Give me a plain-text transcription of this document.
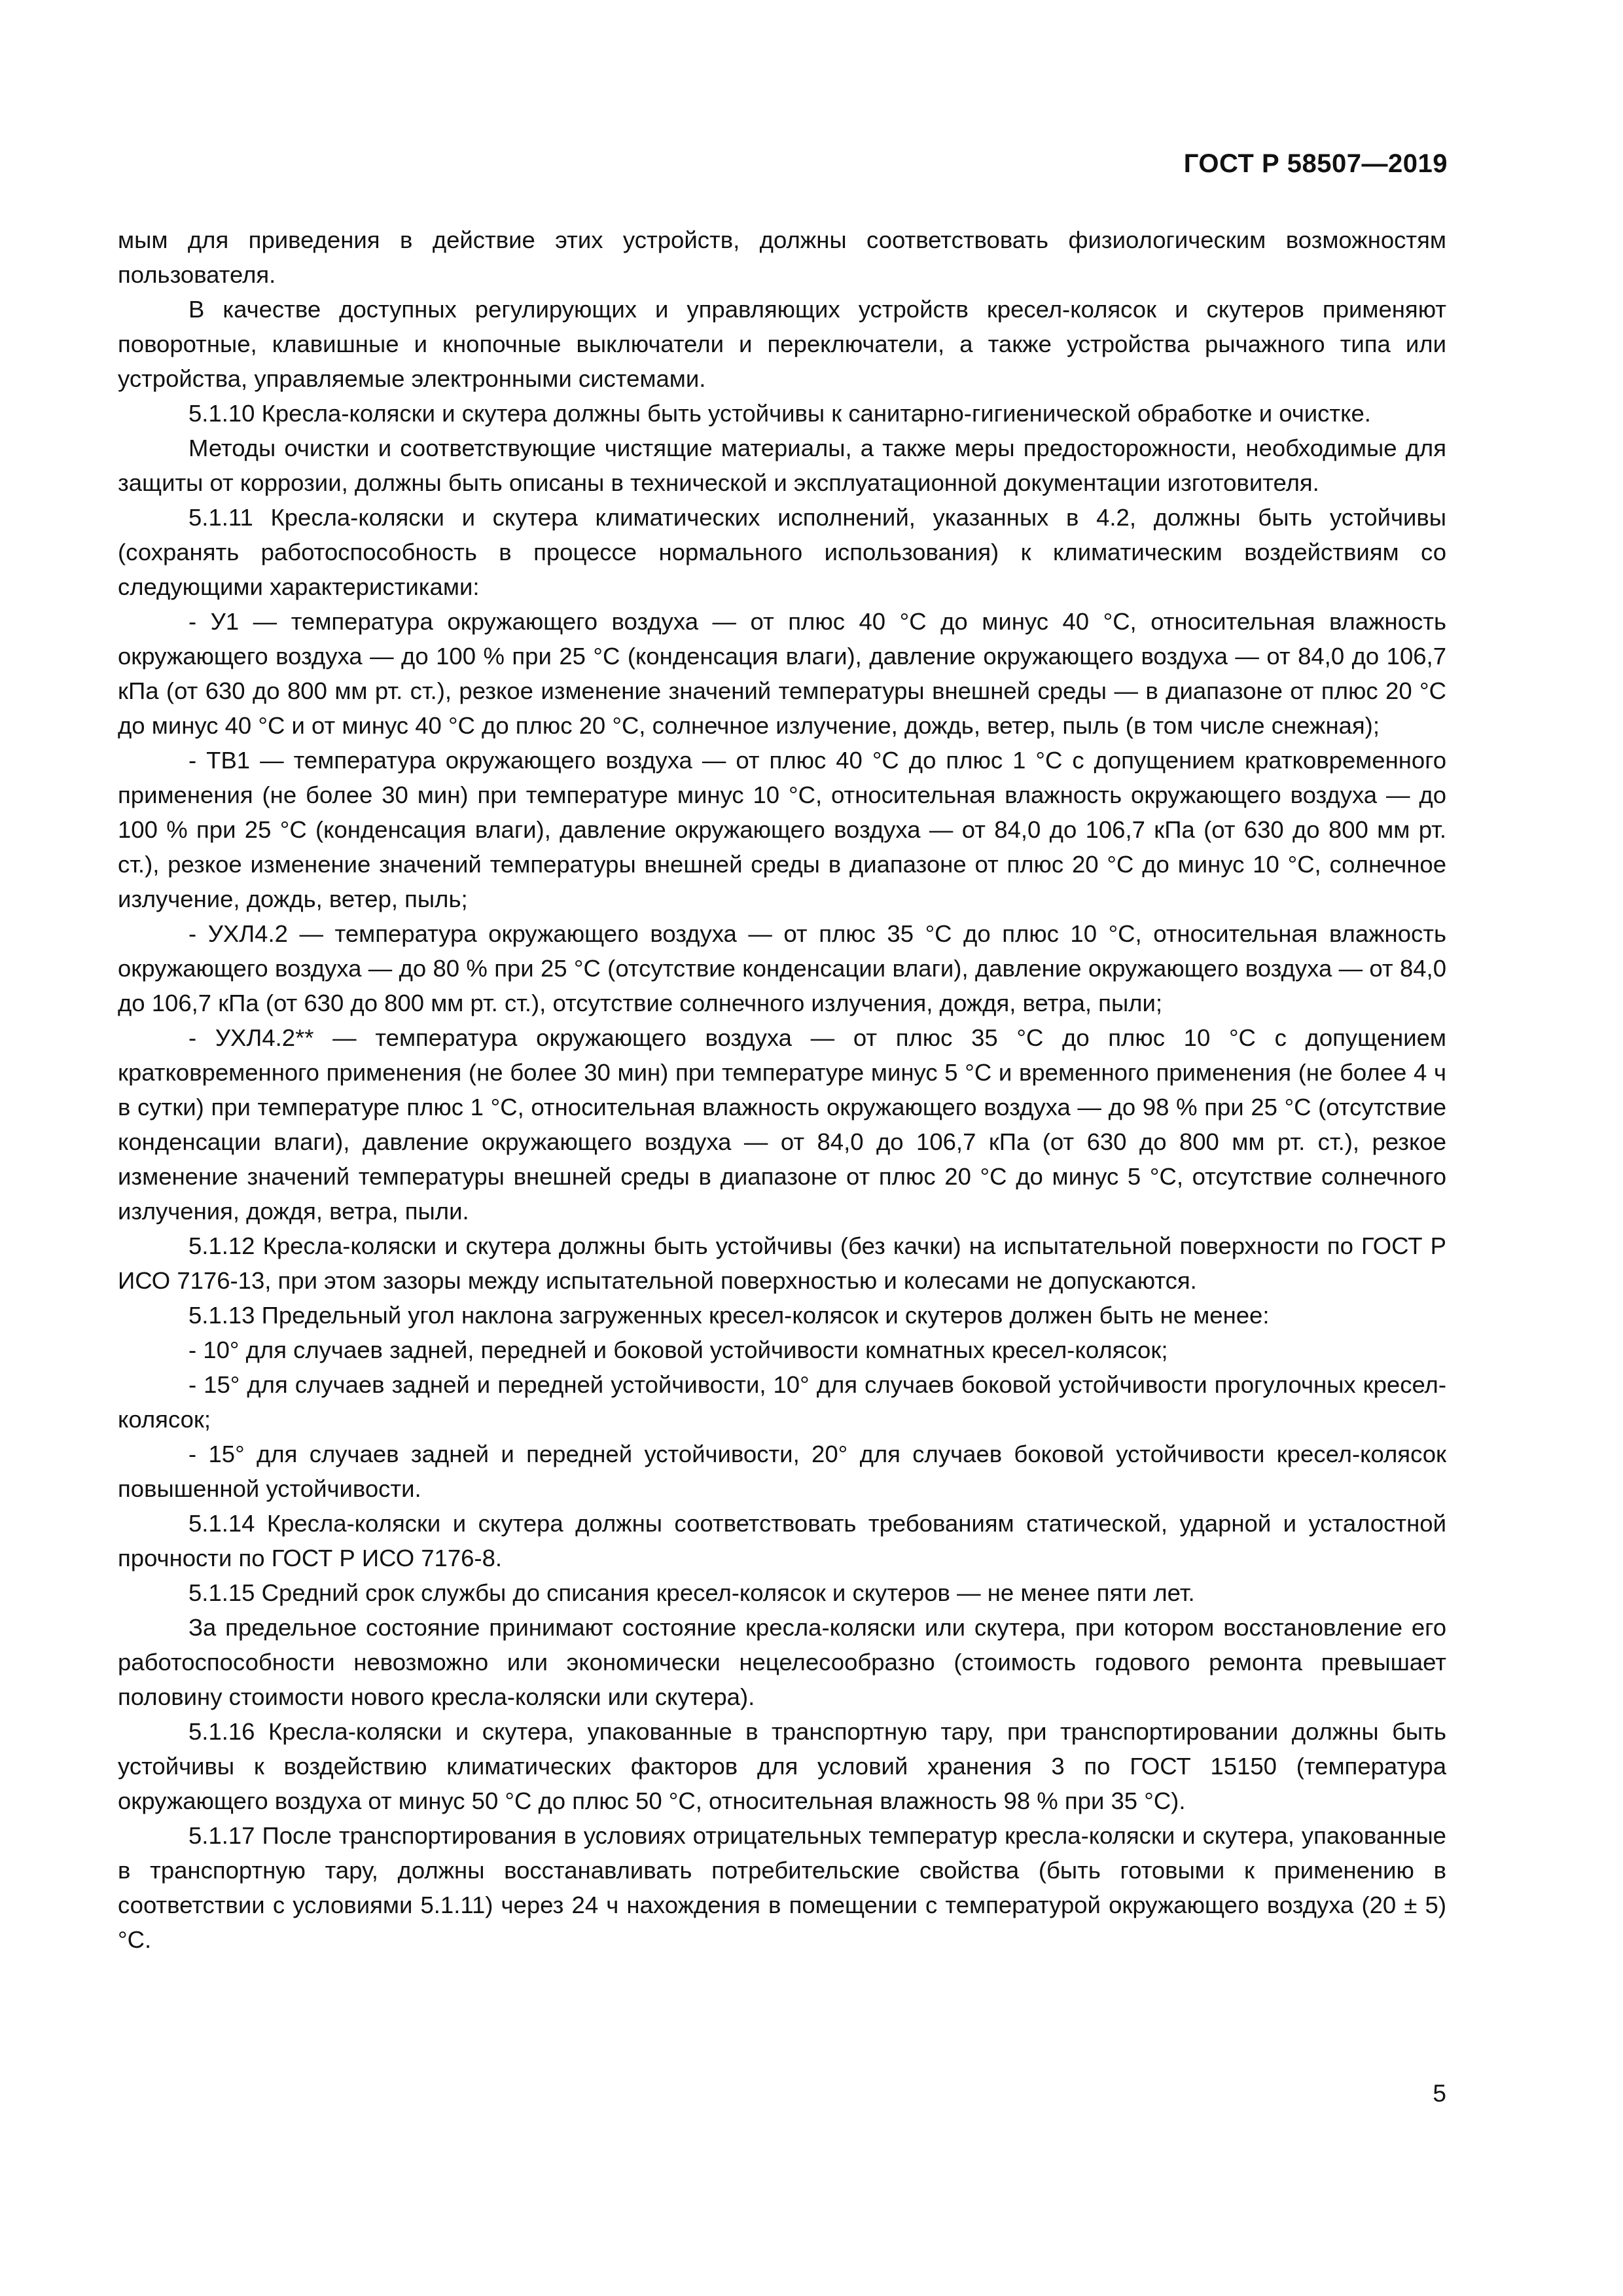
ГОСТ Р 58507—2019

мым для приведения в действие этих устройств, должны соответствовать физиологическим возможностям пользователя.

В качестве доступных регулирующих и управляющих устройств кресел-колясок и скутеров применяют поворотные, клавишные и кнопочные выключатели и переключатели, а также устройства рычажного типа или устройства, управляемые электронными системами.

5.1.10 Кресла-коляски и скутера должны быть устойчивы к санитарно-гигиенической обработке и очистке.

Методы очистки и соответствующие чистящие материалы, а также меры предосторожности, необходимые для защиты от коррозии, должны быть описаны в технической и эксплуатационной документации изготовителя.

5.1.11 Кресла-коляски и скутера климатических исполнений, указанных в 4.2, должны быть устойчивы (сохранять работоспособность в процессе нормального использования) к климатическим воздействиям со следующими характеристиками:

- У1 — температура окружающего воздуха — от плюс 40 °С до минус 40 °С, относительная влажность окружающего воздуха — до 100 % при 25 °С (конденсация влаги), давление окружающего воздуха — от 84,0 до 106,7 кПа (от 630 до 800 мм рт. ст.), резкое изменение значений температуры внешней среды — в диапазоне от плюс 20 °С до минус 40 °С и от минус 40 °С до плюс 20 °С, солнечное излучение, дождь, ветер, пыль (в том числе снежная);

- ТВ1 — температура окружающего воздуха — от плюс 40 °С до плюс 1 °С с допущением кратковременного применения (не более 30 мин) при температуре минус 10 °С, относительная влажность окружающего воздуха — до 100 % при 25 °С (конденсация влаги), давление окружающего воздуха — от 84,0 до 106,7 кПа (от 630 до 800 мм рт. ст.), резкое изменение значений температуры внешней среды в диапазоне от плюс 20 °С до минус 10 °С, солнечное излучение, дождь, ветер, пыль;

- УХЛ4.2 — температура окружающего воздуха — от плюс 35 °С до плюс 10 °С, относительная влажность окружающего воздуха — до 80 % при 25 °С (отсутствие конденсации влаги), давление окружающего воздуха — от 84,0 до 106,7 кПа (от 630 до 800 мм рт. ст.), отсутствие солнечного излучения, дождя, ветра, пыли;

- УХЛ4.2** — температура окружающего воздуха — от плюс 35 °С до плюс 10 °С с допущением кратковременного применения (не более 30 мин) при температуре минус 5 °С и временного применения (не более 4 ч в сутки) при температуре плюс 1 °С, относительная влажность окружающего воздуха — до 98 % при 25 °С (отсутствие конденсации влаги), давление окружающего воздуха — от 84,0 до 106,7 кПа (от 630 до 800 мм рт. ст.), резкое изменение значений температуры внешней среды в диапазоне от плюс 20 °С до минус 5 °С, отсутствие солнечного излучения, дождя, ветра, пыли.

5.1.12 Кресла-коляски и скутера должны быть устойчивы (без качки) на испытательной поверхности по ГОСТ Р ИСО 7176-13, при этом зазоры между испытательной поверхностью и колесами не допускаются.

5.1.13 Предельный угол наклона загруженных кресел-колясок и скутеров должен быть не менее:

- 10° для случаев задней, передней и боковой устойчивости комнатных кресел-колясок;

- 15° для случаев задней и передней устойчивости, 10° для случаев боковой устойчивости прогулочных кресел-колясок;

- 15° для случаев задней и передней устойчивости, 20° для случаев боковой устойчивости кресел-колясок повышенной устойчивости.

5.1.14 Кресла-коляски и скутера должны соответствовать требованиям статической, ударной и усталостной прочности по ГОСТ Р ИСО 7176-8.

5.1.15 Средний срок службы до списания кресел-колясок и скутеров — не менее пяти лет.

За предельное состояние принимают состояние кресла-коляски или скутера, при котором восстановление его работоспособности невозможно или экономически нецелесообразно (стоимость годового ремонта превышает половину стоимости нового кресла-коляски или скутера).

5.1.16 Кресла-коляски и скутера, упакованные в транспортную тару, при транспортировании должны быть устойчивы к воздействию климатических факторов для условий хранения 3 по ГОСТ 15150 (температура окружающего воздуха от минус 50 °С до плюс 50 °С, относительная влажность 98 % при 35 °С).

5.1.17 После транспортирования в условиях отрицательных температур кресла-коляски и скутера, упакованные в транспортную тару, должны восстанавливать потребительские свойства (быть готовыми к применению в соответствии с условиями 5.1.11) через 24 ч нахождения в помещении с температурой окружающего воздуха (20 ± 5) °С.

5
